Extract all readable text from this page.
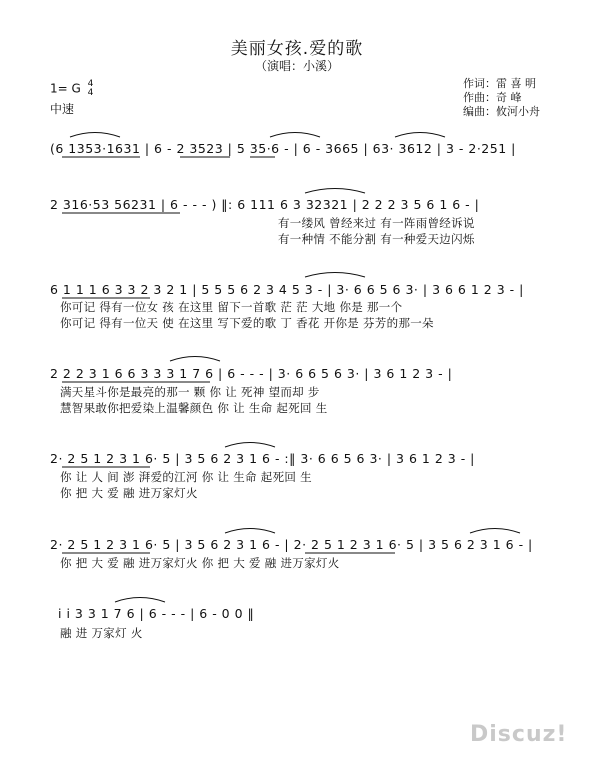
美丽女孩.爱的歌
（演唱：小溪）
1= G 4
4
中速
作词：雷 喜 明
作曲：奇 峰
编曲：攸河小舟
(6 1353·1631 | 6 - 2 3523 | 5 35·6 - | 6 - 3665 | 63· 3612 | 3 - 2·251 |
2 316·53 56231 | 6 - - - ) ‖: 6 111 6 3 32321 | 2 2 2 3 5 6 1 6 - |
有一缕风 曾经来过 有一阵雨曾经诉说
有一种情 不能分割 有一种爱天边闪烁
6 1 1 1 6 3 3 2 3 2 1 | 5 5 5 6 2 3 4 5 3 - | 3· 6 6 5 6 3· | 3 6 6 1 2 3 - |
你可记 得有一位女 孩 在这里 留下一首歌 茫 茫 大地 你是 那一个
你可记 得有一位天 使 在这里 写下爱的歌 丁 香花 开你是 芬芳的那一朵
2 2 2 3 1 6 6 3 3 3 1 7 6 | 6 - - - | 3· 6 6 5 6 3· | 3 6 1 2 3 - |
满天星斗你是最亮的那一 颗 你 让 死神 望而却 步
慧智果敢你把爱染上温馨颜色 你 让 生命 起死回 生
2· 2 5 1 2 3 1 6· 5 | 3 5 6 2 3 1 6 - :‖ 3· 6 6 5 6 3· | 3 6 1 2 3 - |
你 让 人 间 澎 湃爱的江河 你 让 生命 起死回 生
你 把 大 爱 融 进万家灯火
2· 2 5 1 2 3 1 6· 5 | 3 5 6 2 3 1 6 - | 2· 2 5 1 2 3 1 6· 5 | 3 5 6 2 3 1 6 - |
你 把 大 爱 融 进万家灯火 你 把 大 爱 融 进万家灯火
i i 3 3 1 7 6 | 6 - - - | 6 - 0 0 ‖
融 进 万家灯 火
Discuz!
